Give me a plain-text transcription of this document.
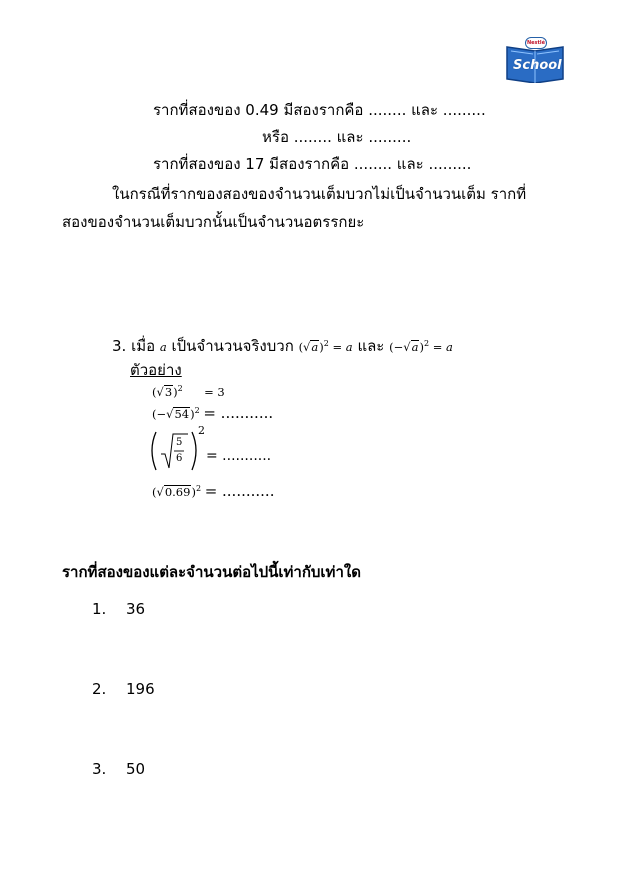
Nestlé
School
รากที่สองของ 0.49 มีสองรากคือ ........ และ .........
หรือ ........ และ .........
รากที่สองของ 17 มีสองรากคือ ........ และ .........
ในกรณีที่รากของสองของจำนวนเต็มบวกไม่เป็นจำนวนเต็ม รากที่
สองของจำนวนเต็มบวกนั้นเป็นจำนวนอตรรกยะ
3. เมื่อ 𝑎 เป็นจำนวนจริงบวก (√𝑎)$^2$ = 𝑎 และ (−√𝑎)$^2$ = 𝑎
ตัวอย่าง
$(√3)^2 = 3$
$(-√54)^2$ = ...........
5
6
2
= ...........
$(√0.69)^2$ = ...........
รากที่สองของแต่ละจำนวนต่อไปนี้เท่ากับเท่าใด
1. 36
2. 196
3. 50
